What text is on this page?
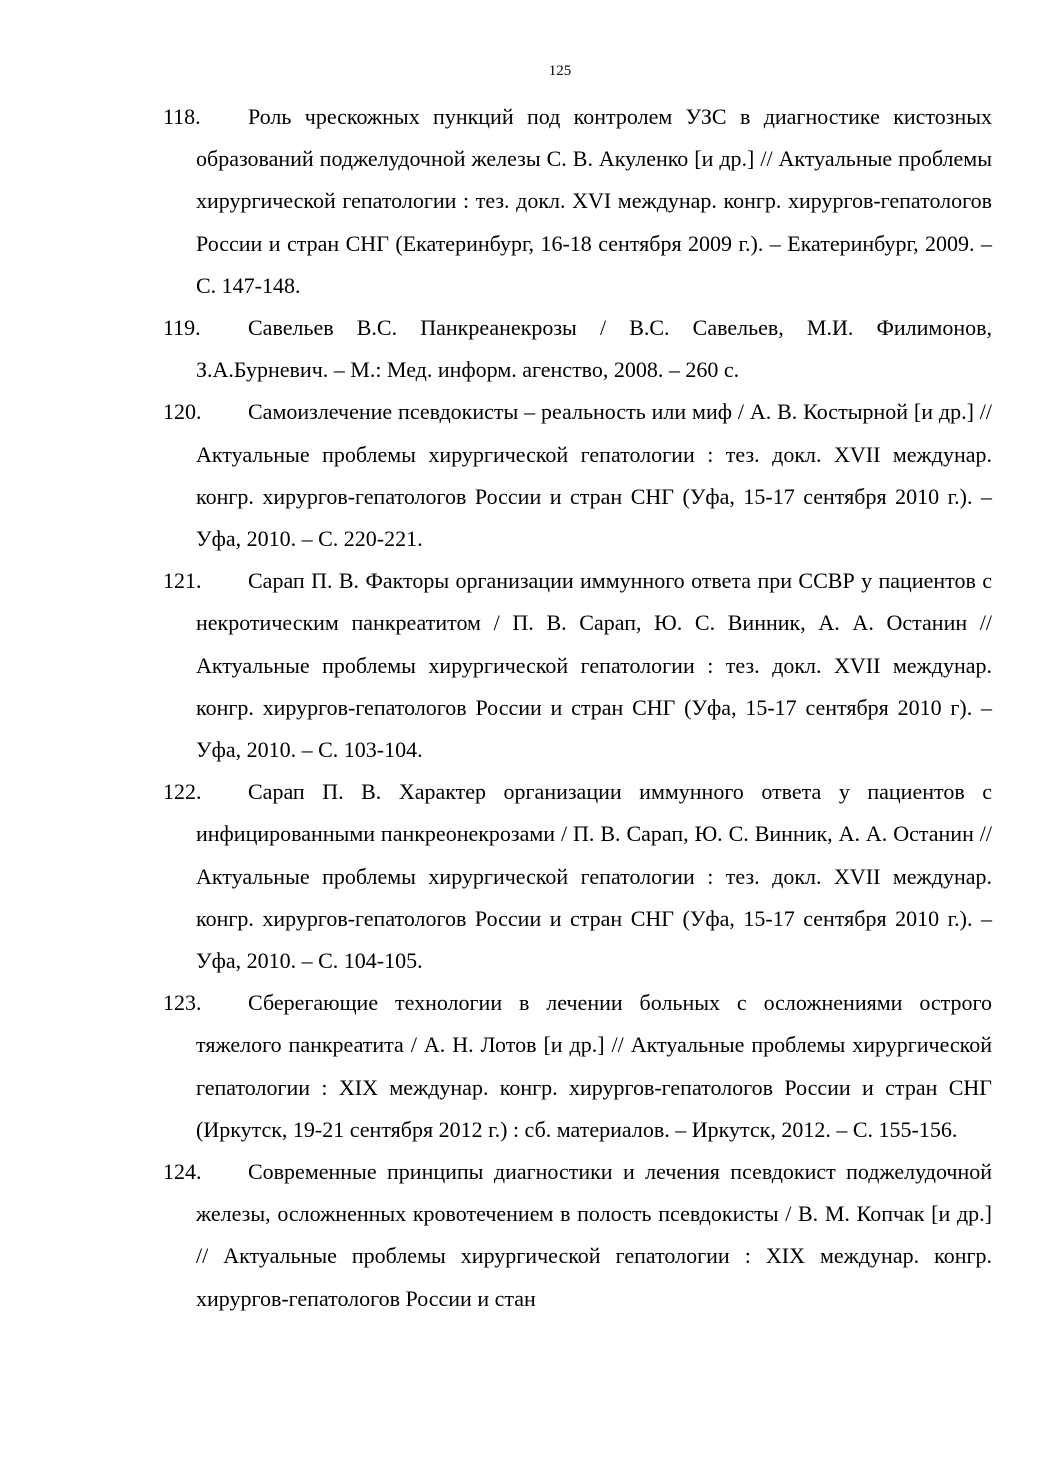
125
118.	Роль чрескожных пункций под контролем УЗС в диагностике кистозных образований поджелудочной железы С. В. Акуленко [и др.] // Актуальные проблемы хирургической гепатологии : тез. докл. XVI междунар. конгр. хирургов-гепатологов России и стран СНГ (Екатеринбург, 16-18 сентября 2009 г.). – Екатеринбург, 2009. – С. 147-148.
119.	Савельев В.С. Панкреанекрозы / В.С. Савельев, М.И. Филимонов, З.А.Бурневич. – М.: Мед. информ. агенство, 2008. – 260 с.
120.	Самоизлечение псевдокисты – реальность или миф / А. В. Костырной [и др.] // Актуальные проблемы хирургической гепатологии : тез. докл. XVII междунар. конгр. хирургов-гепатологов России и стран СНГ (Уфа, 15-17 сентября 2010 г.). – Уфа, 2010. – С. 220-221.
121.	Сарап П. В. Факторы организации иммунного ответа при ССВР у пациентов с некротическим панкреатитом / П. В. Сарап, Ю. С. Винник, А. А. Останин // Актуальные проблемы хирургической гепатологии : тез. докл. XVII междунар. конгр. хирургов-гепатологов России и стран СНГ (Уфа, 15-17 сентября 2010 г). – Уфа, 2010. – С. 103-104.
122.	Сарап П. В. Характер организации иммунного ответа у пациентов с инфицированными панкреонекрозами / П. В. Сарап, Ю. С. Винник, А. А. Останин // Актуальные проблемы хирургической гепатологии : тез. докл. XVII междунар. конгр. хирургов-гепатологов России и стран СНГ (Уфа, 15-17 сентября 2010 г.). – Уфа, 2010. – С. 104-105.
123.	Сберегающие технологии в лечении больных с осложнениями острого тяжелого панкреатита / А. Н. Лотов [и др.] // Актуальные проблемы хирургической гепатологии : XIX междунар. конгр. хирургов-гепатологов России и стран СНГ (Иркутск, 19-21 сентября 2012 г.) : сб. материалов. – Иркутск, 2012. – С. 155-156.
124.	Современные принципы диагностики и лечения псевдокист поджелудочной железы, осложненных кровотечением в полость псевдокисты / В. М. Копчак [и др.] // Актуальные проблемы хирургической гепатологии : XIX междунар. конгр. хирургов-гепатологов России и стан
